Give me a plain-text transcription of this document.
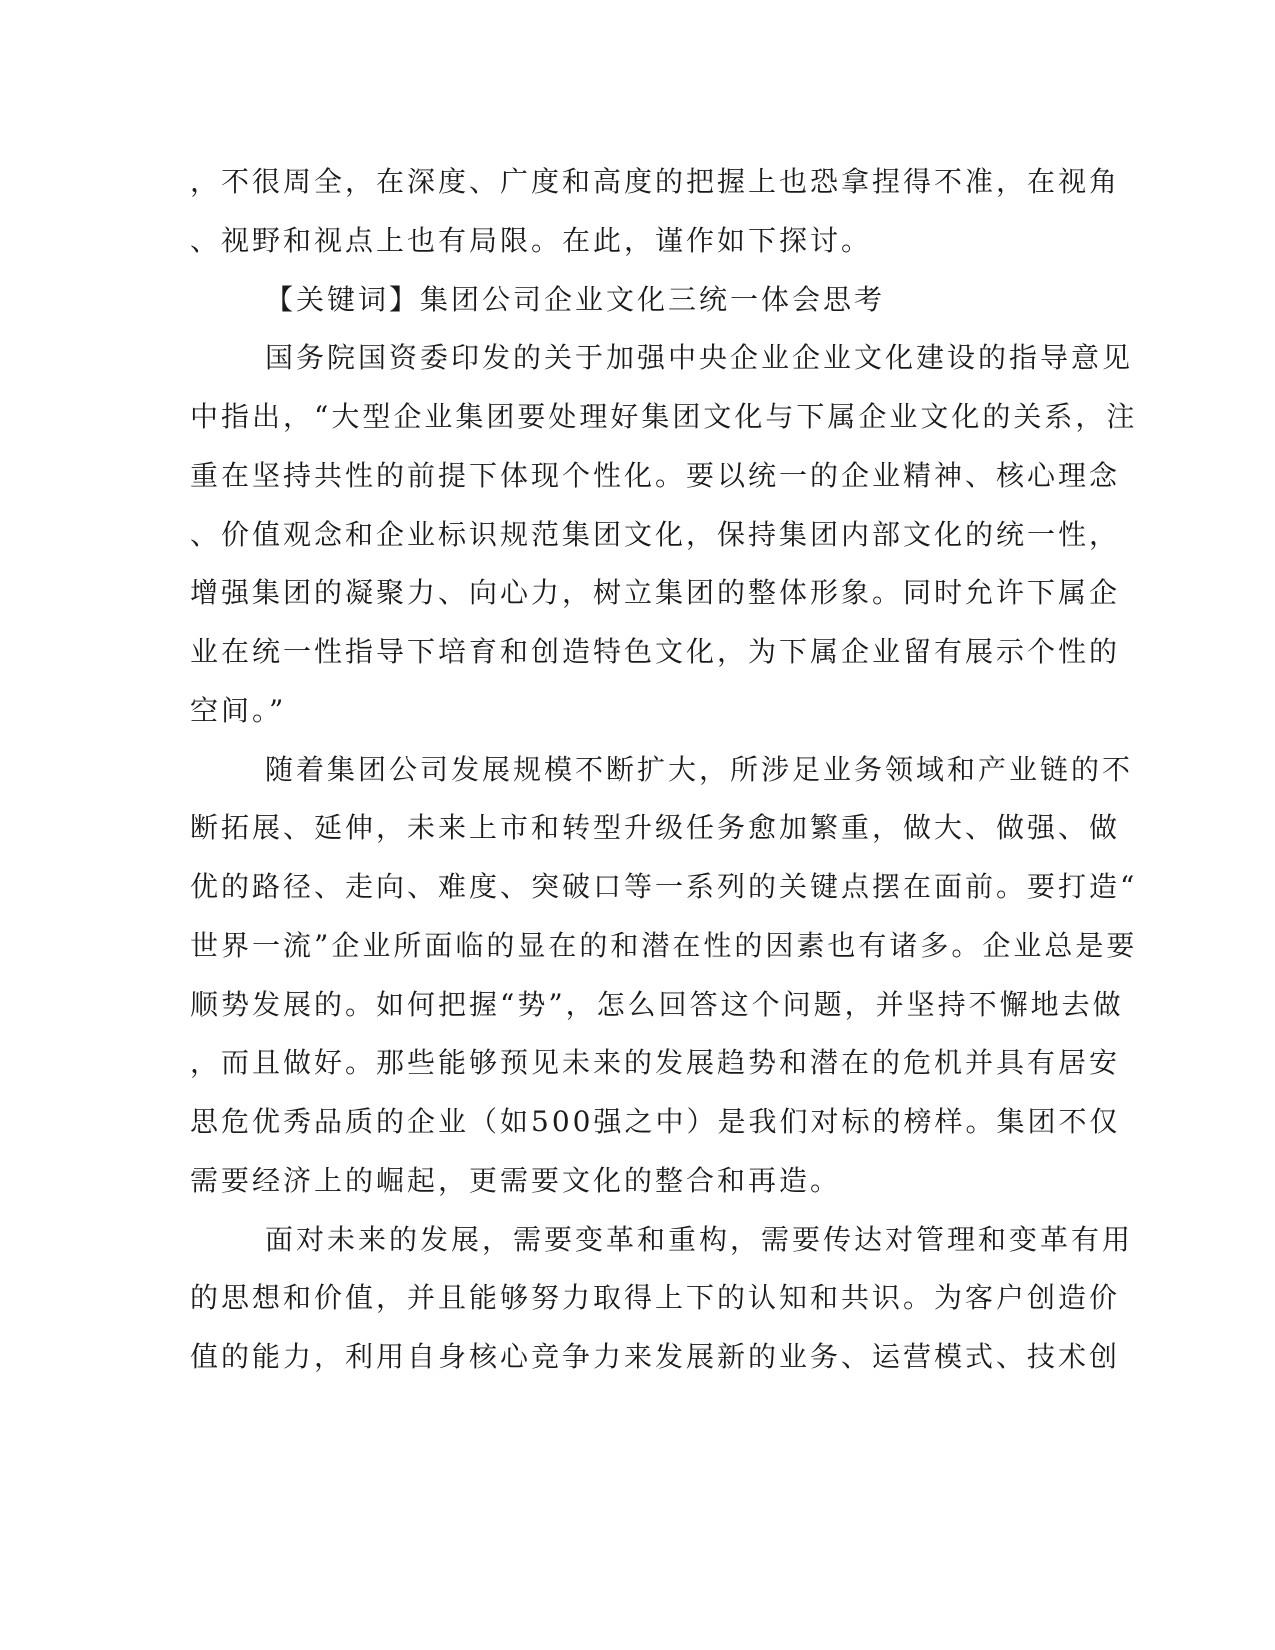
，不很周全，在深度、广度和高度的把握上也恐拿捏得不准，在视角
、视野和视点上也有局限。在此，谨作如下探讨。
【关键词】集团公司企业文化三统一体会思考
国务院国资委印发的关于加强中央企业企业文化建设的指导意见
中指出，“大型企业集团要处理好集团文化与下属企业文化的关系，注
重在坚持共性的前提下体现个性化。要以统一的企业精神、核心理念
、价值观念和企业标识规范集团文化，保持集团内部文化的统一性，
增强集团的凝聚力、向心力，树立集团的整体形象。同时允许下属企
业在统一性指导下培育和创造特色文化，为下属企业留有展示个性的
空间。”
随着集团公司发展规模不断扩大，所涉足业务领域和产业链的不
断拓展、延伸，未来上市和转型升级任务愈加繁重，做大、做强、做
优的路径、走向、难度、突破口等一系列的关键点摆在面前。要打造“
世界一流”企业所面临的显在的和潜在性的因素也有诸多。企业总是要
顺势发展的。如何把握“势”，怎么回答这个问题，并坚持不懈地去做
，而且做好。那些能够预见未来的发展趋势和潜在的危机并具有居安
思危优秀品质的企业（如500强之中）是我们对标的榜样。集团不仅
需要经济上的崛起，更需要文化的整合和再造。
面对未来的发展，需要变革和重构，需要传达对管理和变革有用
的思想和价值，并且能够努力取得上下的认知和共识。为客户创造价
值的能力，利用自身核心竞争力来发展新的业务、运营模式、技术创
